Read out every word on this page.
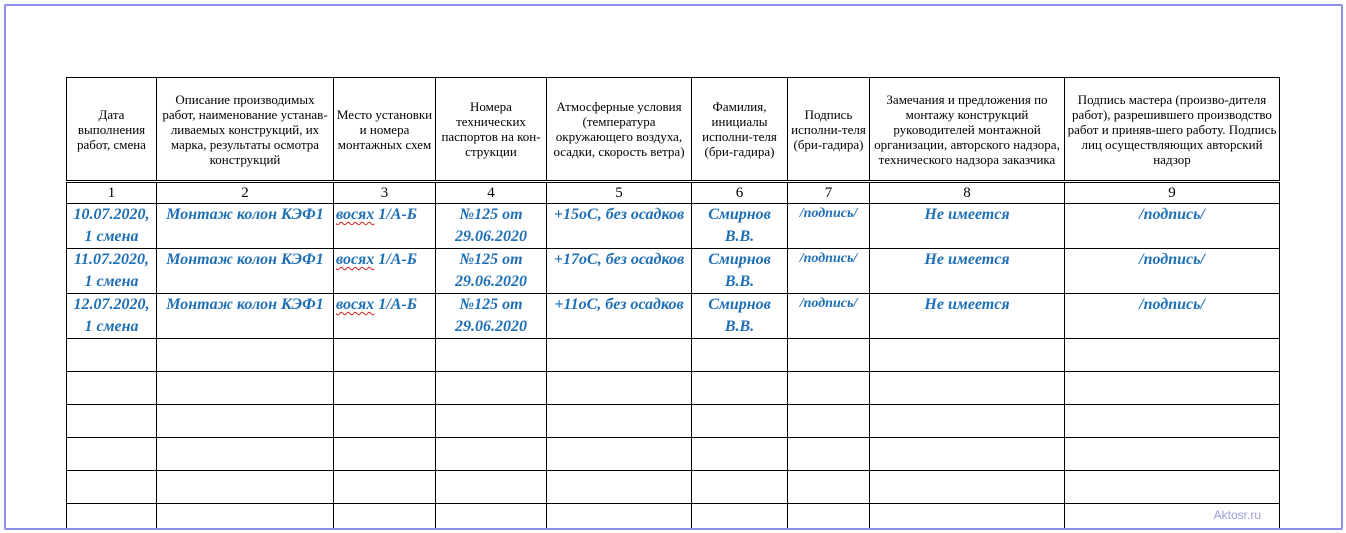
Дата выполнения работ, смена	Описание производимых работ, наименование устанав-ливаемых конструкций, их марка, результаты осмотра конструкций	Место установки и номера монтажных схем	Номера технических паспортов на кон-струкции	Атмосферные условия (температура окружающего воздуха, осадки, скорость ветра)	Фамилия, инициалы исполни-теля (бри-гадира)	Подпись исполни-теля (бри-гадира)	Замечания и предложения по монтажу конструкций руководителей монтажной организации, авторского надзора, технического надзора заказчика	Подпись мастера (произво-дителя работ), разрешившего производство работ и приняв-шего работу. Подпись лиц осуществляющих авторский надзор
1	2	3	4	5	6	7	8	9
10.07.2020, 1 смена	Монтаж колон КЭФ1	восях 1/А-Б	№125 от 29.06.2020	+15оС, без осадков	Смирнов В.В.	/подпись/	Не имеется	/подпись/
11.07.2020, 1 смена	Монтаж колон КЭФ1	восях 1/А-Б	№125 от 29.06.2020	+17оС, без осадков	Смирнов В.В.	/подпись/	Не имеется	/подпись/
12.07.2020, 1 смена	Монтаж колон КЭФ1	восях 1/А-Б	№125 от 29.06.2020	+11оС, без осадков	Смирнов В.В.	/подпись/	Не имеется	/подпись/

Aktosr.ru
